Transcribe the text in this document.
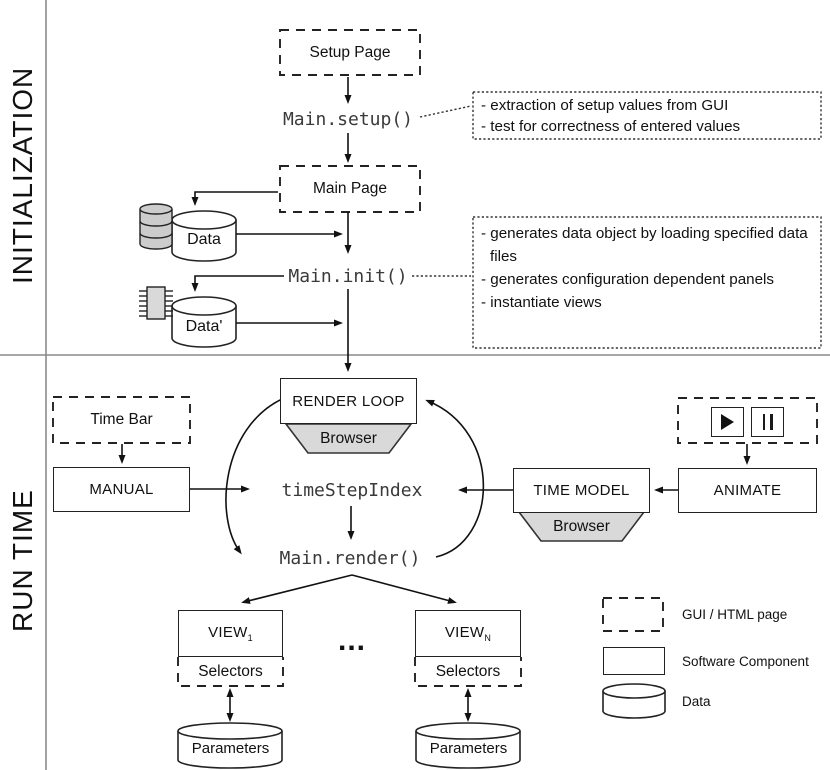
INITIALIZATION
RUN TIME
Setup Page
Main.setup()
Main Page
Data
Data'
Main.init()
- extraction of setup values from GUI
- test for correctness of entered values
- generates data object by loading specified data files
- generates configuration dependent panels
- instantiate views
RENDER LOOP
Browser
Time Bar
MANUAL	timeStepIndex
Main.render()
TIME MODEL
Browser
ANIMATE
$VIEW_1$	$VIEW_N$
...
Selectors	Selectors
Parameters	Parameters
GUI / HTML page
Software Component
Data
